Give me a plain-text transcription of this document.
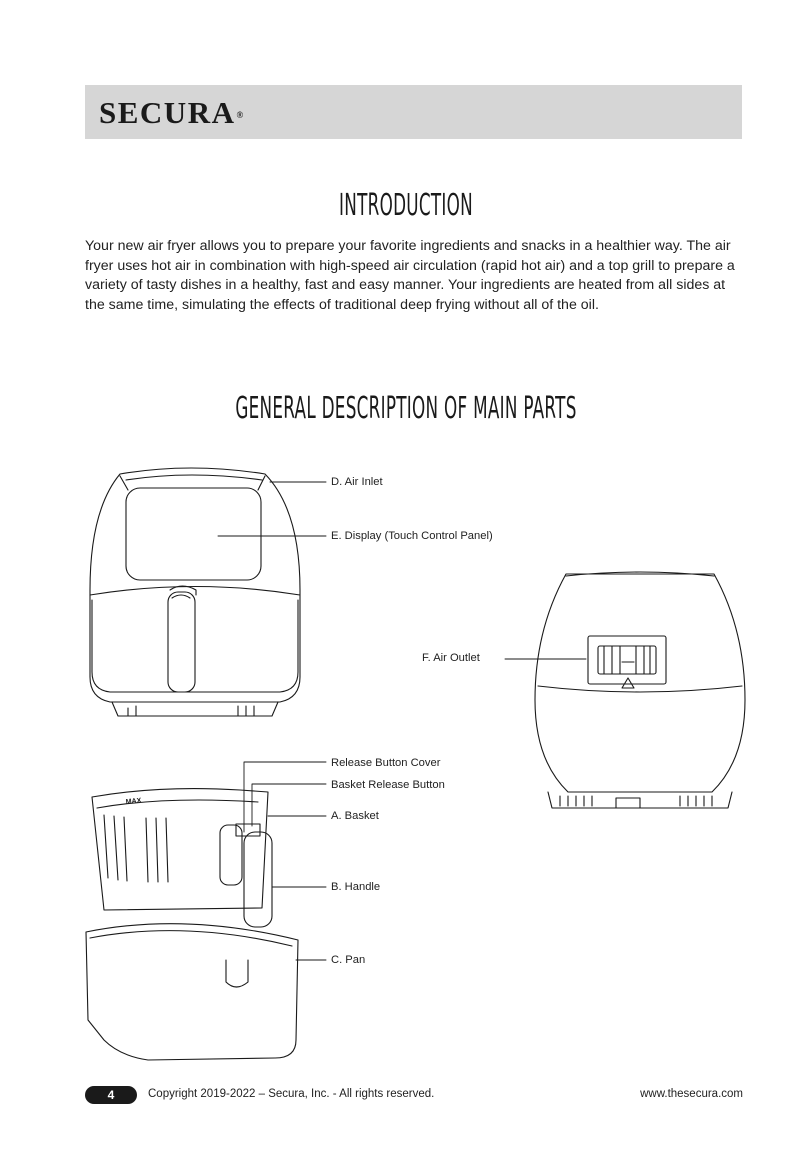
SECURA®
INTRODUCTION

Your new air fryer allows you to prepare your favorite ingredients and snacks in a healthier way. The air fryer uses hot air in combination with high-speed air circulation (rapid hot air) and a top grill to prepare a variety of tasty dishes in a healthy, fast and easy manner. Your ingredients are heated from all sides at the same time, simulating the effects of traditional deep frying without all of the oil.

GENERAL DESCRIPTION OF MAIN PARTS
MAX
D. Air Inlet
E. Display (Touch Control Panel)
F. Air Outlet
Release Button Cover
Basket Release Button
A. Basket
B. Handle
C. Pan
4	Copyright 2019-2022 – Secura, Inc. - All rights reserved.	www.thesecura.com
